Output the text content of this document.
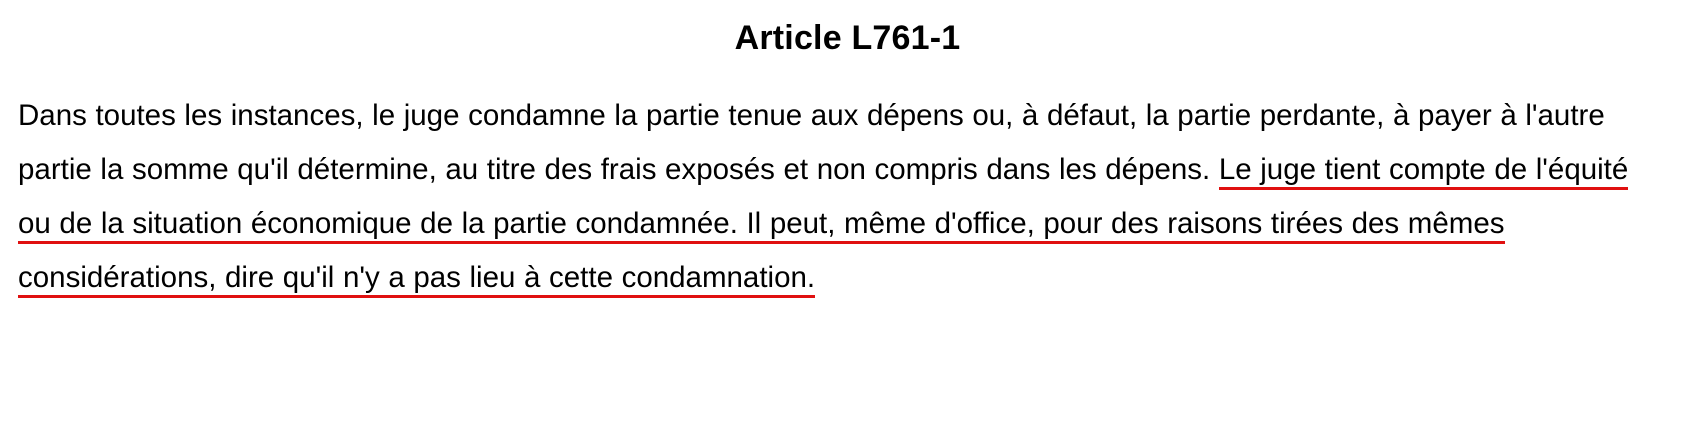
Article L761-1

Dans toutes les instances, le juge condamne la partie tenue aux dépens ou, à défaut, la partie perdante, à payer à l'autre partie la somme qu'il détermine, au titre des frais exposés et non compris dans les dépens. Le juge tient compte de l'équité ou de la situation économique de la partie condamnée. Il peut, même d'office, pour des raisons tirées des mêmes considérations, dire qu'il n'y a pas lieu à cette condamnation.
